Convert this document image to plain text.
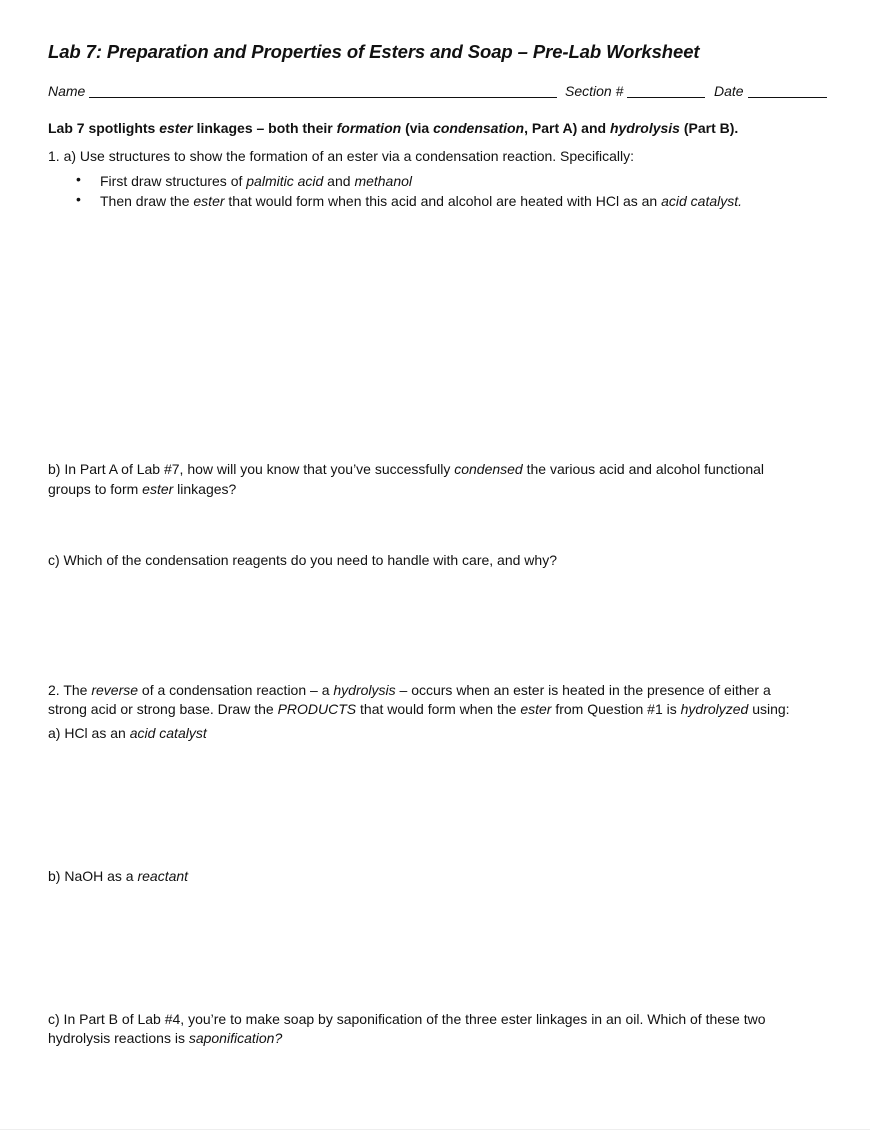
Lab 7: Preparation and Properties of Esters and Soap – Pre-Lab Worksheet
Name	Section #	Date
Lab 7 spotlights ester linkages – both their formation (via condensation, Part A) and hydrolysis (Part B).
1. a) Use structures to show the formation of an ester via a condensation reaction. Specifically:
• First draw structures of palmitic acid and methanol
• Then draw the ester that would form when this acid and alcohol are heated with HCl as an acid catalyst.
b) In Part A of Lab #7, how will you know that you’ve successfully condensed the various acid and alcohol functional
groups to form ester linkages?
c) Which of the condensation reagents do you need to handle with care, and why?
2. The reverse of a condensation reaction – a hydrolysis – occurs when an ester is heated in the presence of either a
strong acid or strong base. Draw the PRODUCTS that would form when the ester from Question #1 is hydrolyzed using:
a) HCl as an acid catalyst
b) NaOH as a reactant
c) In Part B of Lab #4, you’re to make soap by saponification of the three ester linkages in an oil. Which of these two
hydrolysis reactions is saponification?
